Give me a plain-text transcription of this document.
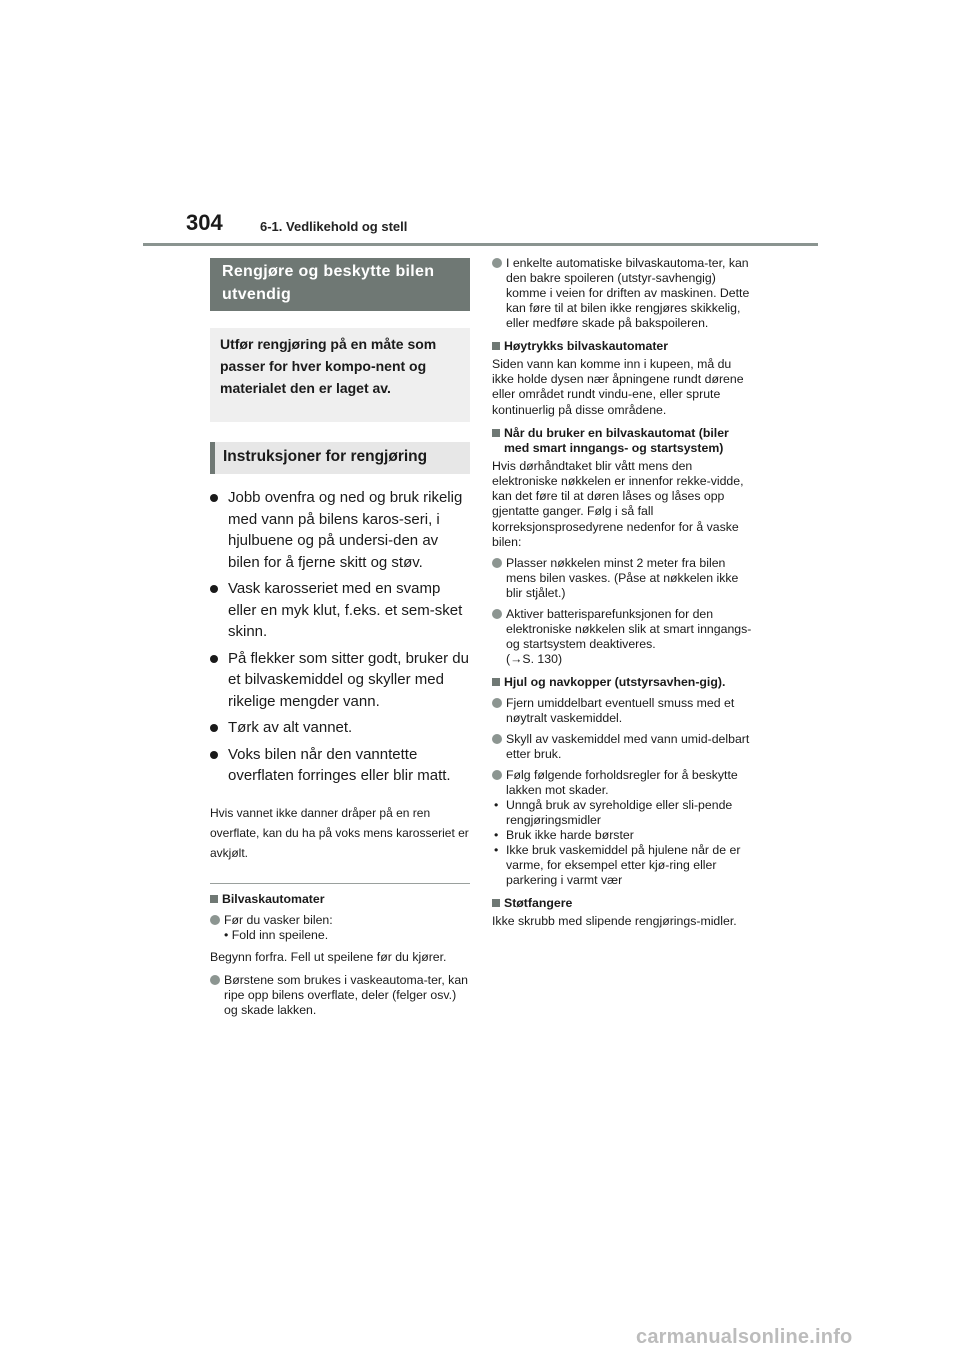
304	6-1. Vedlikehold og stell
Rengjøre og beskytte bilen utvendig
Utfør rengjøring på en måte som passer for hver kompo-nent og materialet den er laget av.
Instruksjoner for rengjøring
Jobb ovenfra og ned og bruk rikelig med vann på bilens karos-seri, i hjulbuene og på undersi-den av bilen for å fjerne skitt og støv.
Vask karosseriet med en svamp eller en myk klut, f.eks. et sem-sket skinn.
På flekker som sitter godt, bruker du et bilvaskemiddel og skyller med rikelige mengder vann.
Tørk av alt vannet.
Voks bilen når den vanntette overflaten forringes eller blir matt.
Hvis vannet ikke danner dråper på en ren overflate, kan du ha på voks mens karosseriet er avkjølt.
Bilvaskautomater
Før du vasker bilen:
• Fold inn speilene.
Begynn forfra. Fell ut speilene før du kjører.
Børstene som brukes i vaskeautoma-ter, kan ripe opp bilens overflate, deler (felger osv.) og skade lakken.
I enkelte automatiske bilvaskautoma-ter, kan den bakre spoileren (utstyr-savhengig) komme i veien for driften av maskinen. Dette kan føre til at bilen ikke rengjøres skikkelig, eller medføre skade på bakspoileren.
Høytrykks bilvaskautomater
Siden vann kan komme inn i kupeen, må du ikke holde dysen nær åpningene rundt dørene eller området rundt vindu-ene, eller sprute kontinuerlig på disse områdene.
Når du bruker en bilvaskautomat (biler med smart inngangs- og startsystem)
Hvis dørhåndtaket blir vått mens den elektroniske nøkkelen er innenfor rekke-vidde, kan det føre til at døren låses og låses opp gjentatte ganger. Følg i så fall korreksjonsprosedyrene nedenfor for å vaske bilen:
Plasser nøkkelen minst 2 meter fra bilen mens bilen vaskes. (Påse at nøkkelen ikke blir stjålet.)
Aktiver batterisparefunksjonen for den elektroniske nøkkelen slik at smart inngangs- og startsystem deaktiveres.
(→S. 130)
Hjul og navkopper (utstyrsavhen-gig).
Fjern umiddelbart eventuell smuss med et nøytralt vaskemiddel.
Skyll av vaskemiddel med vann umid-delbart etter bruk.
Følg følgende forholdsregler for å beskytte lakken mot skader.
• Unngå bruk av syreholdige eller sli-pende rengjøringsmidler
• Bruk ikke harde børster
• Ikke bruk vaskemiddel på hjulene når de er varme, for eksempel etter kjø-ring eller parkering i varmt vær
Støtfangere
Ikke skrubb med slipende rengjørings-midler.
carmanualsonline.info
